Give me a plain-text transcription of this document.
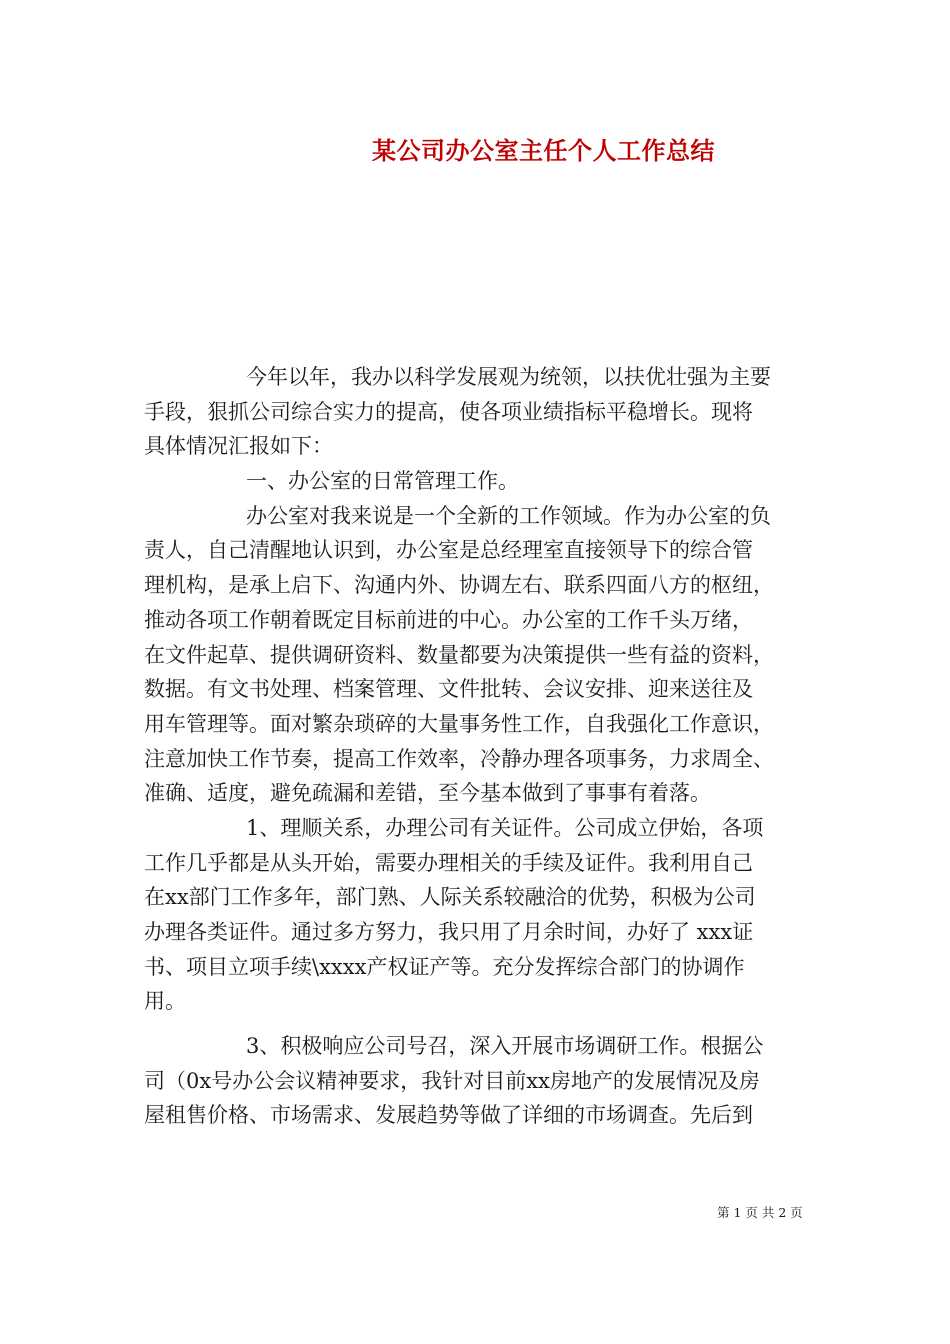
某公司办公室主任个人工作总结
今年以年，我办以科学发展观为统领，以扶优壮强为主要
手段，狠抓公司综合实力的提高，使各项业绩指标平稳增长。现将
具体情况汇报如下：
一、办公室的日常管理工作。
办公室对我来说是一个全新的工作领域。作为办公室的负
责人，自己清醒地认识到，办公室是总经理室直接领导下的综合管
理机构，是承上启下、沟通内外、协调左右、联系四面八方的枢纽，
推动各项工作朝着既定目标前进的中心。办公室的工作千头万绪，
在文件起草、提供调研资料、数量都要为决策提供一些有益的资料，
数据。有文书处理、档案管理、文件批转、会议安排、迎来送往及
用车管理等。面对繁杂琐碎的大量事务性工作，自我强化工作意识，
注意加快工作节奏，提高工作效率，冷静办理各项事务，力求周全、
准确、适度，避免疏漏和差错，至今基本做到了事事有着落。
1、理顺关系，办理公司有关证件。公司成立伊始，各项
工作几乎都是从头开始，需要办理相关的手续及证件。我利用自己
在xx部门工作多年，部门熟、人际关系较融洽的优势，积极为公司
办理各类证件。通过多方努力，我只用了月余时间，办好了 xxx证
书、项目立项手续\xxxx产权证产等。充分发挥综合部门的协调作
用。
3、积极响应公司号召，深入开展市场调研工作。根据公
司（0x号办公会议精神要求，我针对目前xx房地产的发展情况及房
屋租售价格、市场需求、发展趋势等做了详细的市场调查。先后到
第 1 页 共 2 页
